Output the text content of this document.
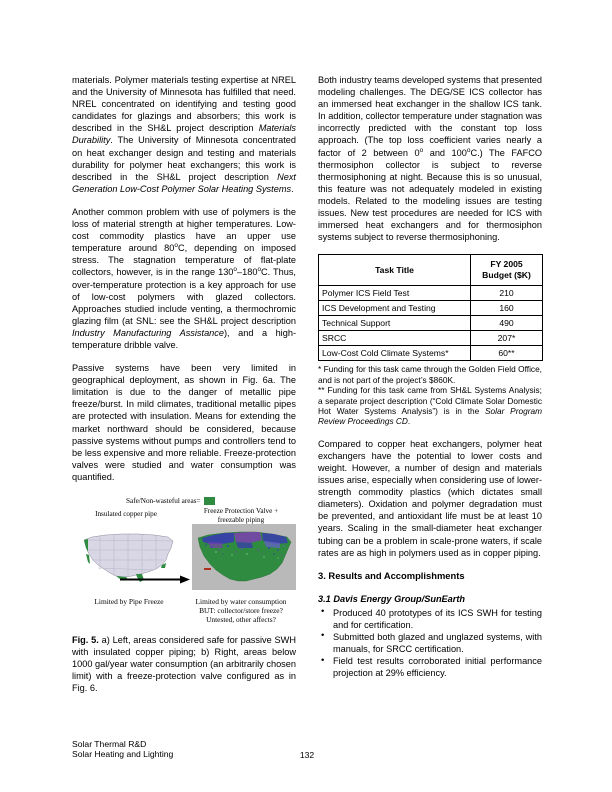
materials. Polymer materials testing expertise at NREL and the University of Minnesota has fulfilled that need. NREL concentrated on identifying and testing good candidates for glazings and absorbers; this work is described in the SH&L project description Materials Durability. The University of Minnesota concentrated on heat exchanger design and testing and materials durability for polymer heat exchangers; this work is described in the SH&L project description Next Generation Low-Cost Polymer Solar Heating Systems.

Another common problem with use of polymers is the loss of material strength at higher temperatures. Low-cost commodity plastics have an upper use temperature around 80$^o$C, depending on imposed stress. The stagnation temperature of flat-plate collectors, however, is in the range 130$^o$–180$^o$C. Thus, over-temperature protection is a key approach for use of low-cost polymers with glazed collectors. Approaches studied include venting, a thermochromic glazing film (at SNL: see the SH&L project description Industry Manufacturing Assistance), and a high-temperature dribble valve.

Passive systems have been very limited in geographical deployment, as shown in Fig. 6a. The limitation is due to the danger of metallic pipe freeze/burst. In mild climates, traditional metallic pipes are protected with insulation. Means for extending the market northward should be considered, because passive systems without pumps and controllers tend to be less expensive and more reliable. Freeze-protection valves were studied and water consumption was quantified.

Safe/Non-wasteful areas=
Insulated copper pipe	Freeze Protection Valve +
freezable piping
Limited by Pipe Freeze	Limited by water consumption
BUT: collector/store freeze?
Untested, other affects?
Fig. 5. a) Left, areas considered safe for passive SWH with insulated copper piping; b) Right, areas below 1000 gal/year water consumption (an arbitrarily chosen limit) with a freeze-protection valve configured as in Fig. 6.

Both industry teams developed systems that presented modeling challenges. The DEG/SE ICS collector has an immersed heat exchanger in the shallow ICS tank. In addition, collector temperature under stagnation was incorrectly predicted with the constant top loss approach. (The top loss coefficient varies nearly a factor of 2 between 0$^o$ and 100$^o$C.) The FAFCO thermosiphon collector is subject to reverse thermosiphoning at night. Because this is so unusual, this feature was not adequately modeled in existing models. Related to the modeling issues are testing issues. New test procedures are needed for ICS with immersed heat exchangers and for thermosiphon systems subject to reverse thermosiphoning.

Task Title	FY 2005
Budget ($K)

Polymer ICS Field Test	210
ICS Development and Testing	160
Technical Support	490
SRCC	207*
Low-Cost Cold Climate Systems*	60**

* Funding for this task came through the Golden Field Office, and is not part of the project’s $860K.

** Funding for this task came from SH&L Systems Analysis; a separate project description (“Cold Climate Solar Domestic Hot Water Systems Analysis”) is in the Solar Program Review Proceedings CD.

Compared to copper heat exchangers, polymer heat exchangers have the potential to lower costs and weight. However, a number of design and materials issues arise, especially when considering use of lower-strength commodity plastics (which dictates small diameters). Oxidation and polymer degradation must be prevented, and antioxidant life must be at least 10 years. Scaling in the small-diameter heat exchanger tubing can be a problem in scale-prone waters, if scale rates are as high in polymers used as in copper piping.

3. Results and Accomplishments
3.1 Davis Energy Group/SunEarth
• Produced 40 prototypes of its ICS SWH for testing and for certification.
• Submitted both glazed and unglazed systems, with manuals, for SRCC certification.
• Field test results corroborated initial performance projection at 29% efficiency.
Solar Thermal R&D
Solar Heating and Lighting	132
